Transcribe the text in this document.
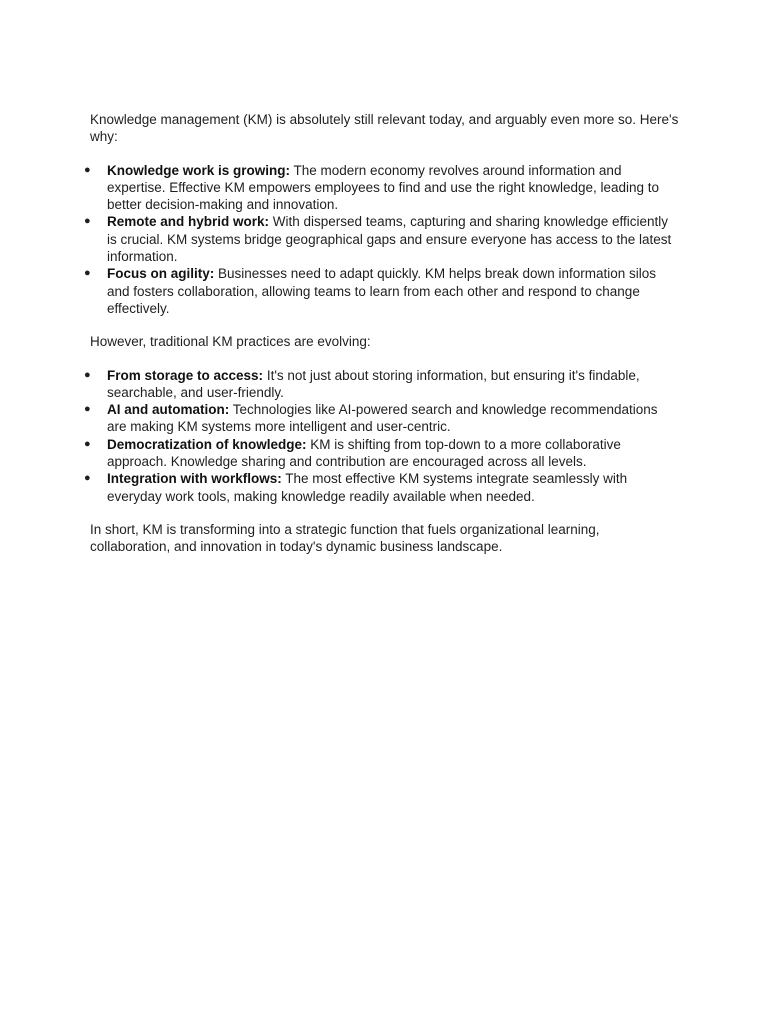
Knowledge management (KM) is absolutely still relevant today, and arguably even more so. Here's why:

● Knowledge work is growing: The modern economy revolves around information and expertise. Effective KM empowers employees to find and use the right knowledge, leading to better decision-making and innovation.
● Remote and hybrid work: With dispersed teams, capturing and sharing knowledge efficiently is crucial. KM systems bridge geographical gaps and ensure everyone has access to the latest information.
● Focus on agility: Businesses need to adapt quickly. KM helps break down information silos and fosters collaboration, allowing teams to learn from each other and respond to change effectively.

However, traditional KM practices are evolving:

● From storage to access: It's not just about storing information, but ensuring it's findable, searchable, and user-friendly.
● AI and automation: Technologies like AI-powered search and knowledge recommendations are making KM systems more intelligent and user-centric.
● Democratization of knowledge: KM is shifting from top-down to a more collaborative approach. Knowledge sharing and contribution are encouraged across all levels.
● Integration with workflows: The most effective KM systems integrate seamlessly with everyday work tools, making knowledge readily available when needed.

In short, KM is transforming into a strategic function that fuels organizational learning, collaboration, and innovation in today's dynamic business landscape.
